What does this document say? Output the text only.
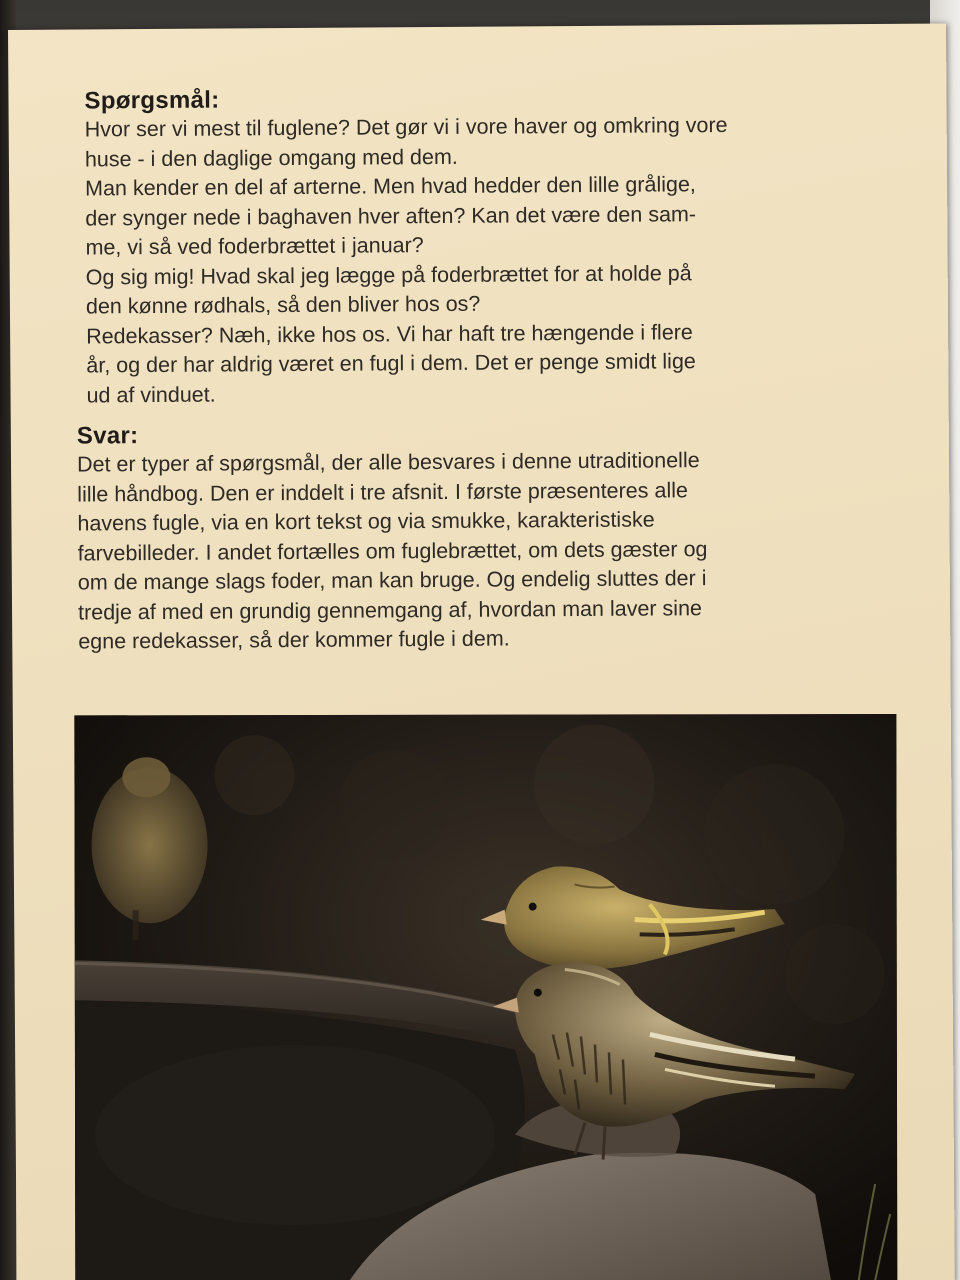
Spørgsmål:

Hvor ser vi mest til fuglene? Det gør vi i vore haver og omkring vore
huse - i den daglige omgang med dem.
Man kender en del af arterne. Men hvad hedder den lille grålige,
der synger nede i baghaven hver aften? Kan det være den sam-
me, vi så ved foderbrættet i januar?
Og sig mig! Hvad skal jeg lægge på foderbrættet for at holde på
den kønne rødhals, så den bliver hos os?
Redekasser? Næh, ikke hos os. Vi har haft tre hængende i flere
år, og der har aldrig været en fugl i dem. Det er penge smidt lige
ud af vinduet.

Svar:

Det er typer af spørgsmål, der alle besvares i denne utraditionelle
lille håndbog. Den er inddelt i tre afsnit. I første præsenteres alle
havens fugle, via en kort tekst og via smukke, karakteristiske
farvebilleder. I andet fortælles om fuglebrættet, om dets gæster og
om de mange slags foder, man kan bruge. Og endelig sluttes der i
tredje af med en grundig gennemgang af, hvordan man laver sine
egne redekasser, så der kommer fugle i dem.
